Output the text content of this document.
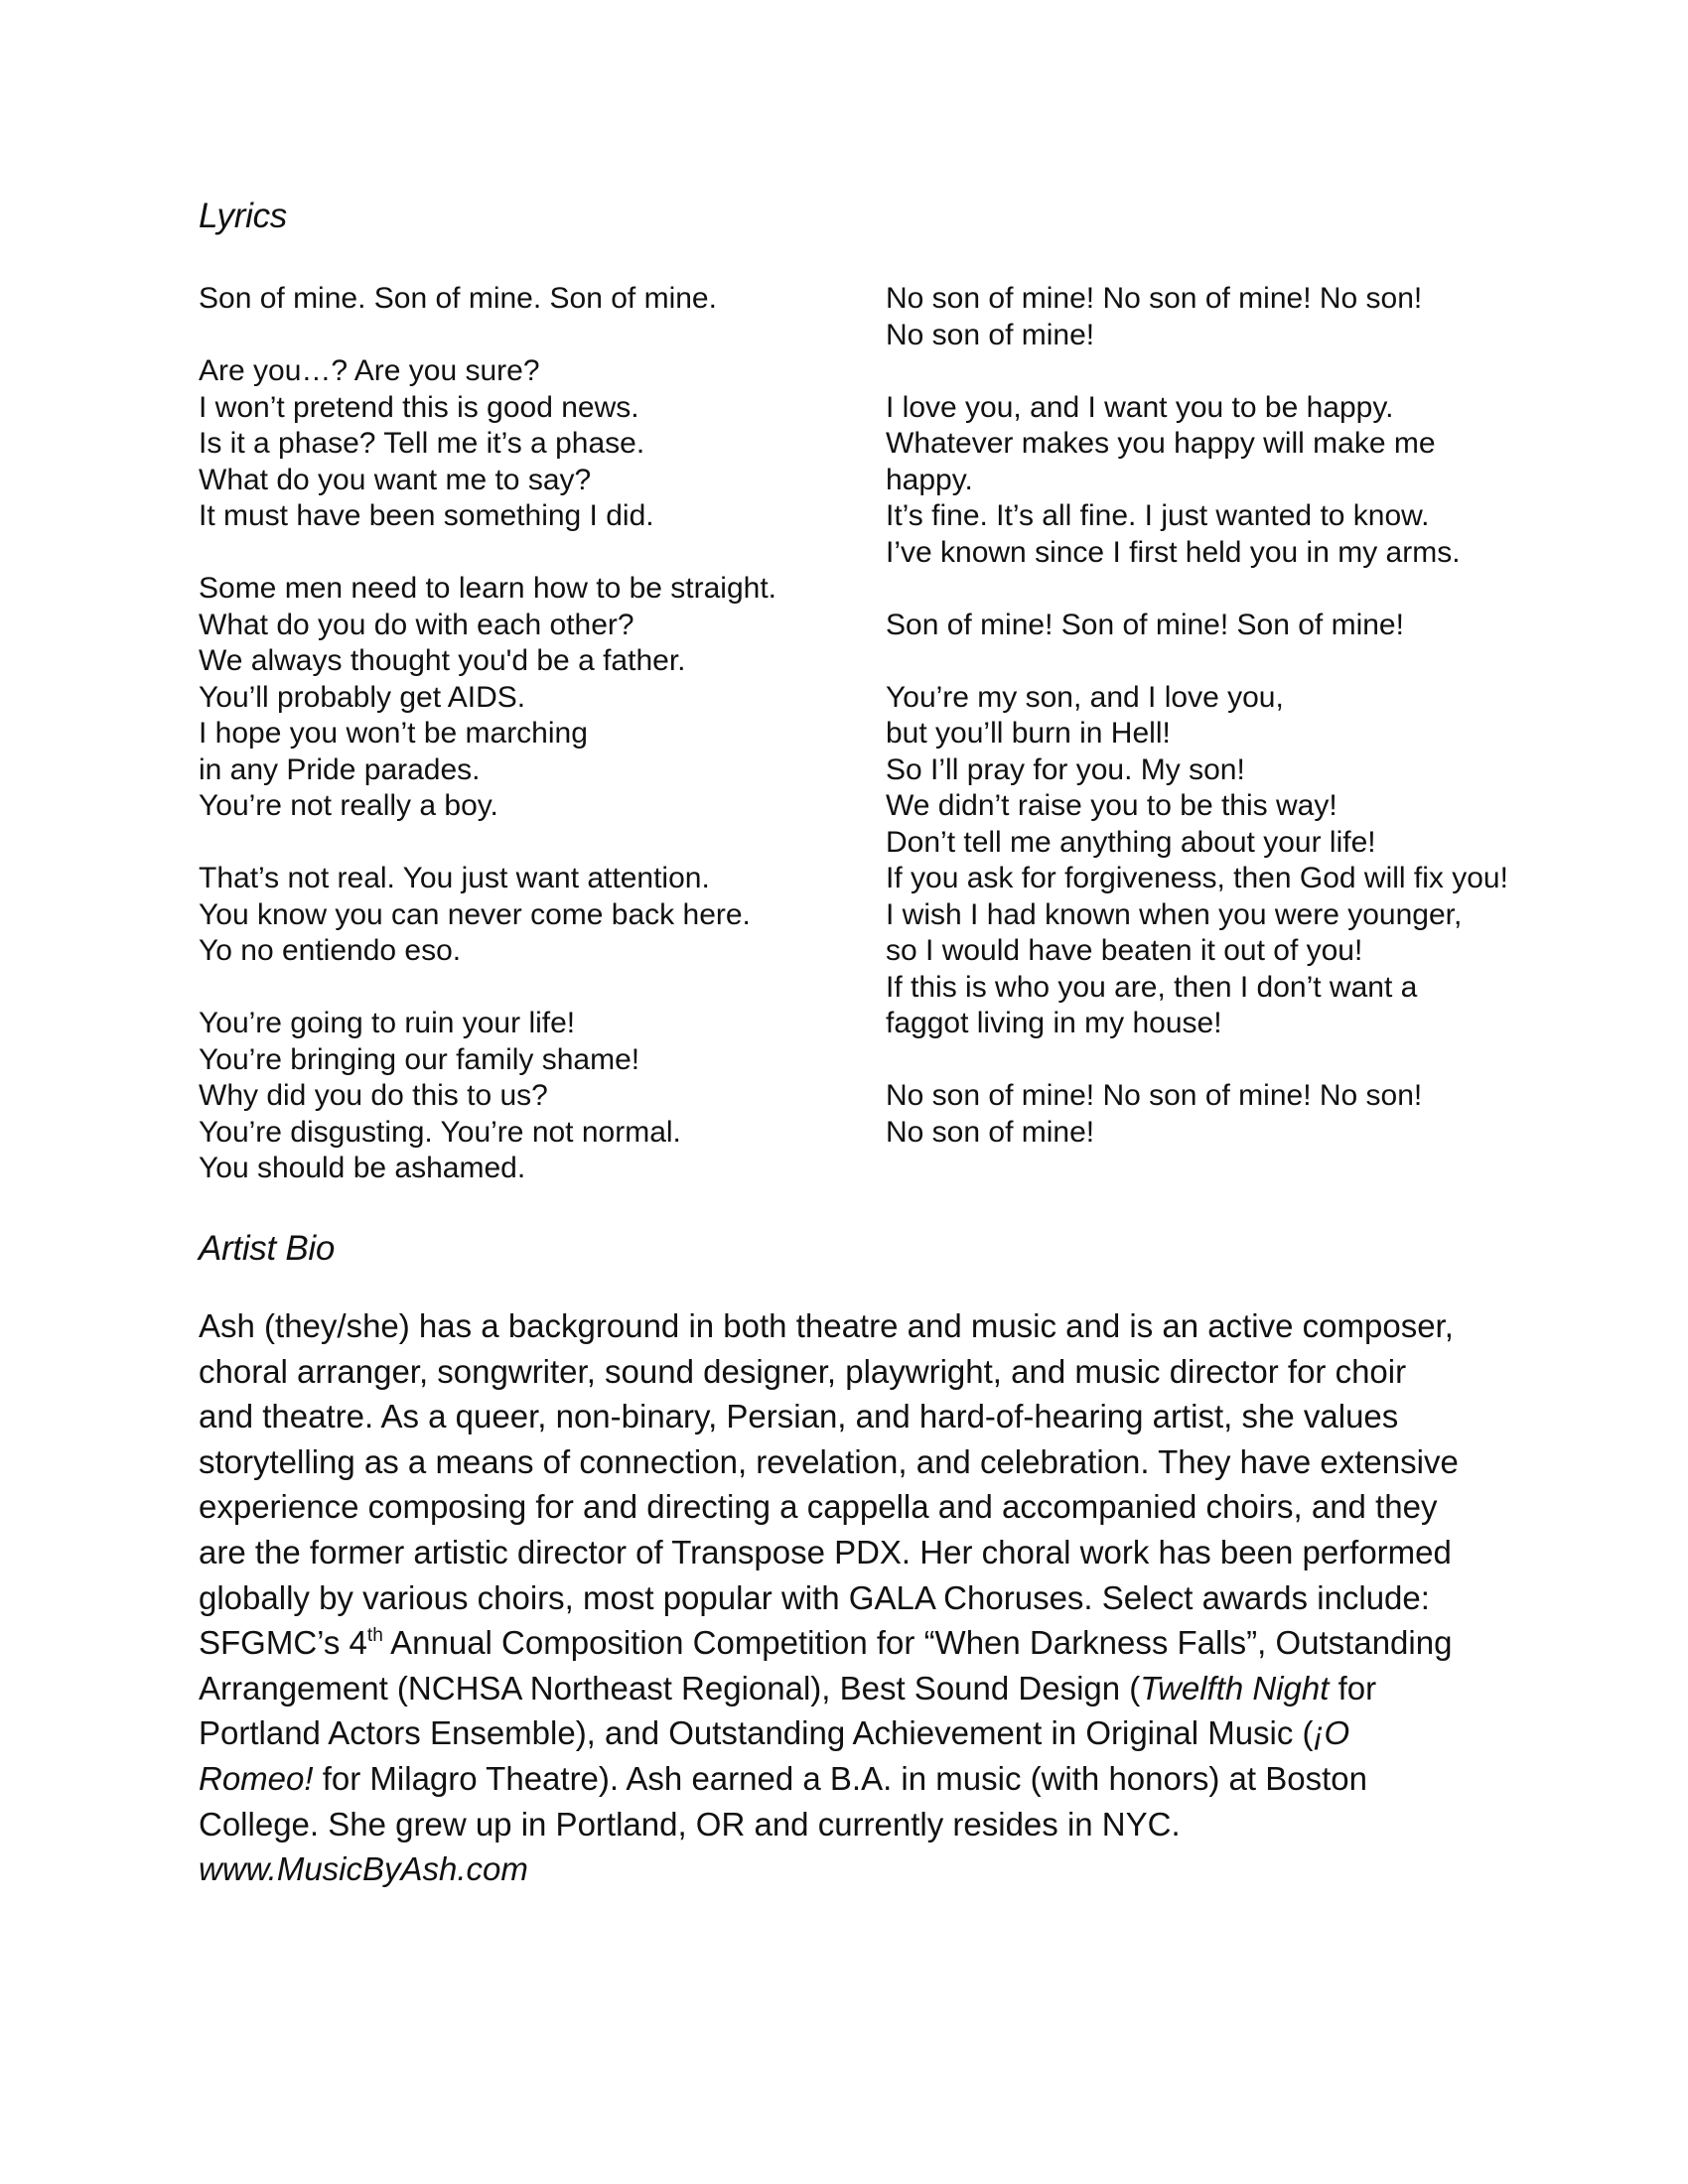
Lyrics
Son of mine. Son of mine. Son of mine.
Are you…? Are you sure?
I won’t pretend this is good news.
Is it a phase? Tell me it’s a phase.
What do you want me to say?
It must have been something I did.
Some men need to learn how to be straight.
What do you do with each other?
We always thought you'd be a father.
You’ll probably get AIDS.
I hope you won’t be marching
in any Pride parades.
You’re not really a boy.
That’s not real. You just want attention.
You know you can never come back here.
Yo no entiendo eso.
You’re going to ruin your life!
You’re bringing our family shame!
Why did you do this to us?
You’re disgusting. You’re not normal.
You should be ashamed.
No son of mine! No son of mine! No son!
No son of mine!
I love you, and I want you to be happy.
Whatever makes you happy will make me
happy.
It’s fine. It’s all fine. I just wanted to know.
I’ve known since I first held you in my arms.
Son of mine! Son of mine! Son of mine!
You’re my son, and I love you,
but you’ll burn in Hell!
So I’ll pray for you. My son!
We didn’t raise you to be this way!
Don’t tell me anything about your life!
If you ask for forgiveness, then God will fix you!
I wish I had known when you were younger,
so I would have beaten it out of you!
If this is who you are, then I don’t want a
faggot living in my house!
No son of mine! No son of mine! No son!
No son of mine!
Artist Bio
Ash (they/she) has a background in both theatre and music and is an active composer,
choral arranger, songwriter, sound designer, playwright, and music director for choir
and theatre. As a queer, non-binary, Persian, and hard-of-hearing artist, she values
storytelling as a means of connection, revelation, and celebration. They have extensive
experience composing for and directing a cappella and accompanied choirs, and they
are the former artistic director of Transpose PDX. Her choral work has been performed
globally by various choirs, most popular with GALA Choruses. Select awards include:
SFGMC’s 4th Annual Composition Competition for “When Darkness Falls”, Outstanding
Arrangement (NCHSA Northeast Regional), Best Sound Design (Twelfth Night for
Portland Actors Ensemble), and Outstanding Achievement in Original Music (¡O
Romeo! for Milagro Theatre). Ash earned a B.A. in music (with honors) at Boston
College. She grew up in Portland, OR and currently resides in NYC.
www.MusicByAsh.com
